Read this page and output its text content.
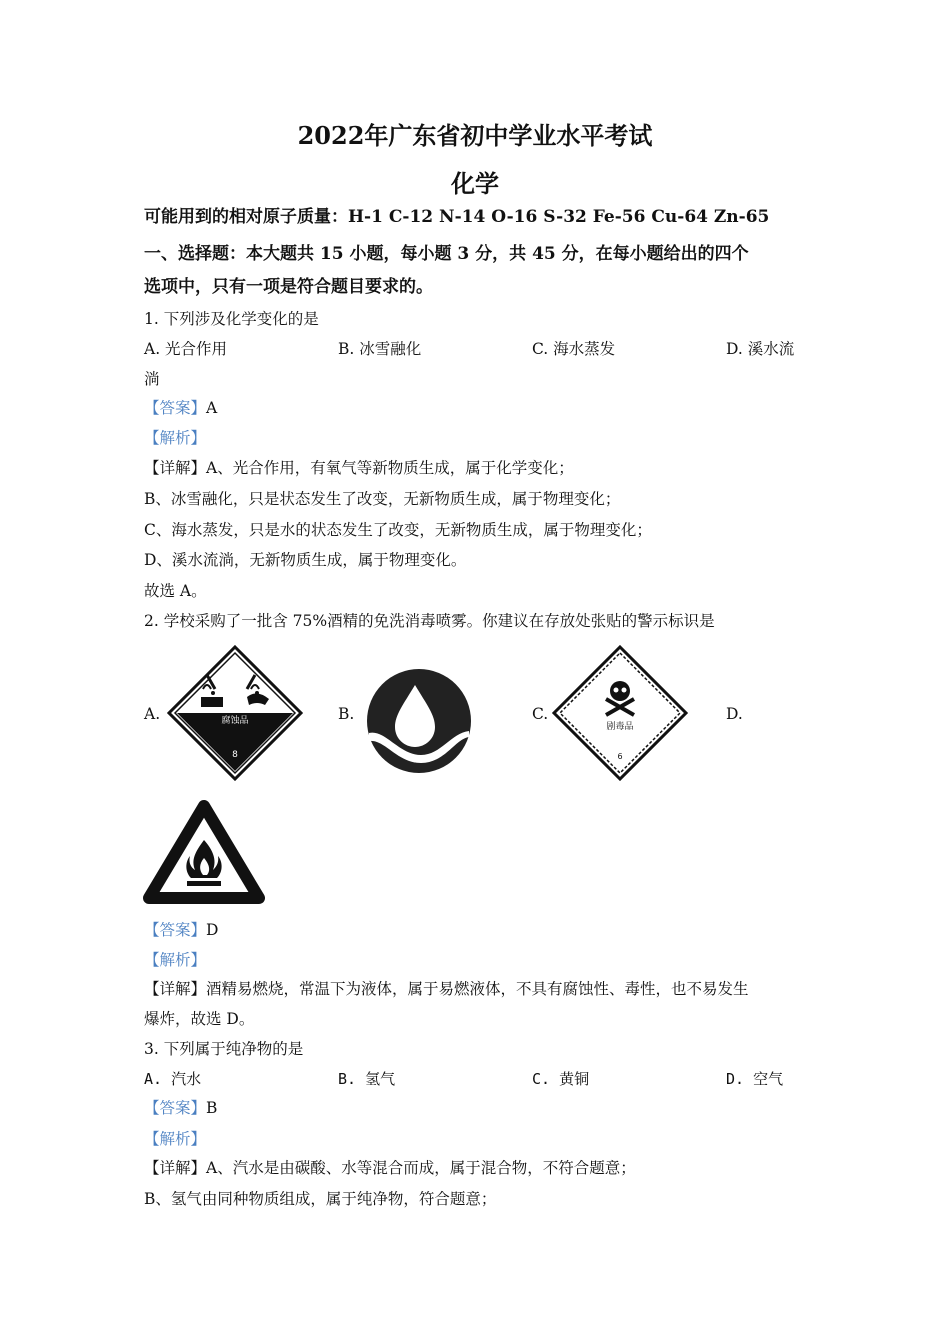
2022年广东省初中学业水平考试
化学
可能用到的相对原子质量：H-1 C-12 N-14 O-16 S-32 Fe-56 Cu-64 Zn-65
一、选择题：本大题共 15 小题，每小题 3 分，共 45 分，在每小题给出的四个
选项中，只有一项是符合题目要求的。
1. 下列涉及化学变化的是
A. 光合作用	B. 冰雪融化	C. 海水蒸发	D. 溪水流
淌
【答案】A
【解析】
【详解】A、光合作用，有氧气等新物质生成，属于化学变化；
B、冰雪融化，只是状态发生了改变，无新物质生成，属于物理变化；
C、海水蒸发，只是水的状态发生了改变，无新物质生成，属于物理变化；
D、溪水流淌，无新物质生成，属于物理变化。
故选 A。
2. 学校采购了一批含 75%酒精的免洗消毒喷雾。你建议在存放处张贴的警示标识是
A.	B.	C.	D.
腐蚀品
8
剧毒品
6
【答案】D
【解析】
【详解】酒精易燃烧，常温下为液体，属于易燃液体，不具有腐蚀性、毒性，也不易发生
爆炸，故选 D。
3. 下列属于纯净物的是
A. 汽水	B. 氢气	C. 黄铜	D. 空气
【答案】B
【解析】
【详解】A、汽水是由碳酸、水等混合而成，属于混合物，不符合题意；
B、氢气由同种物质组成，属于纯净物，符合题意；
